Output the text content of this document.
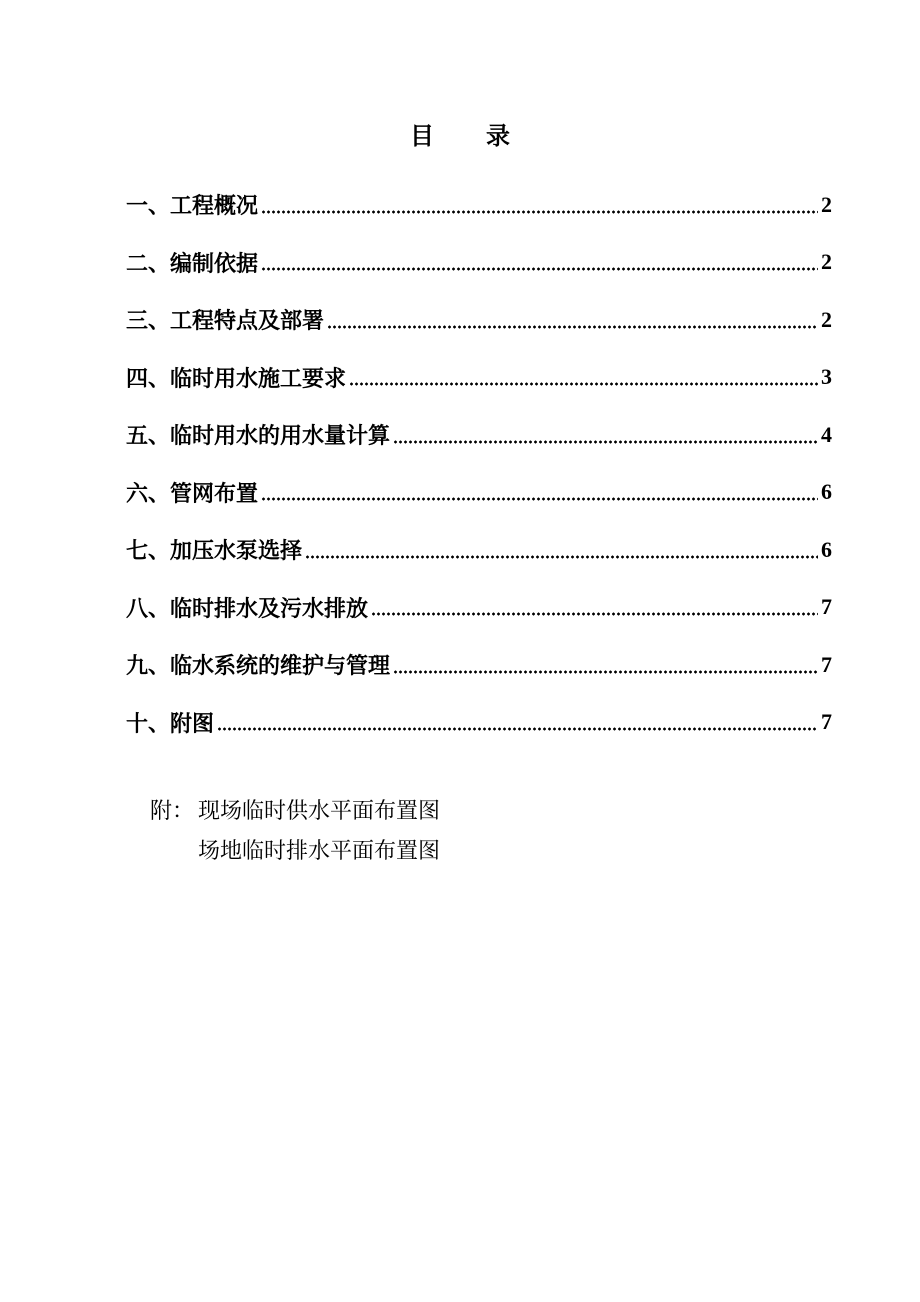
目 录
一、 工程概况	2
二、 编制依据	2
三、 工程特点及部署	2
四、 临时用水施工要求	3
五、 临时用水的用水量计算	4
六、 管网布置	6
七、 加压水泵选择	6
八、 临时排水及污水排放	7
九、 临水系统的维护与管理	7
十、 附图	7
附： 现场临时供水平面布置图
场地临时排水平面布置图
